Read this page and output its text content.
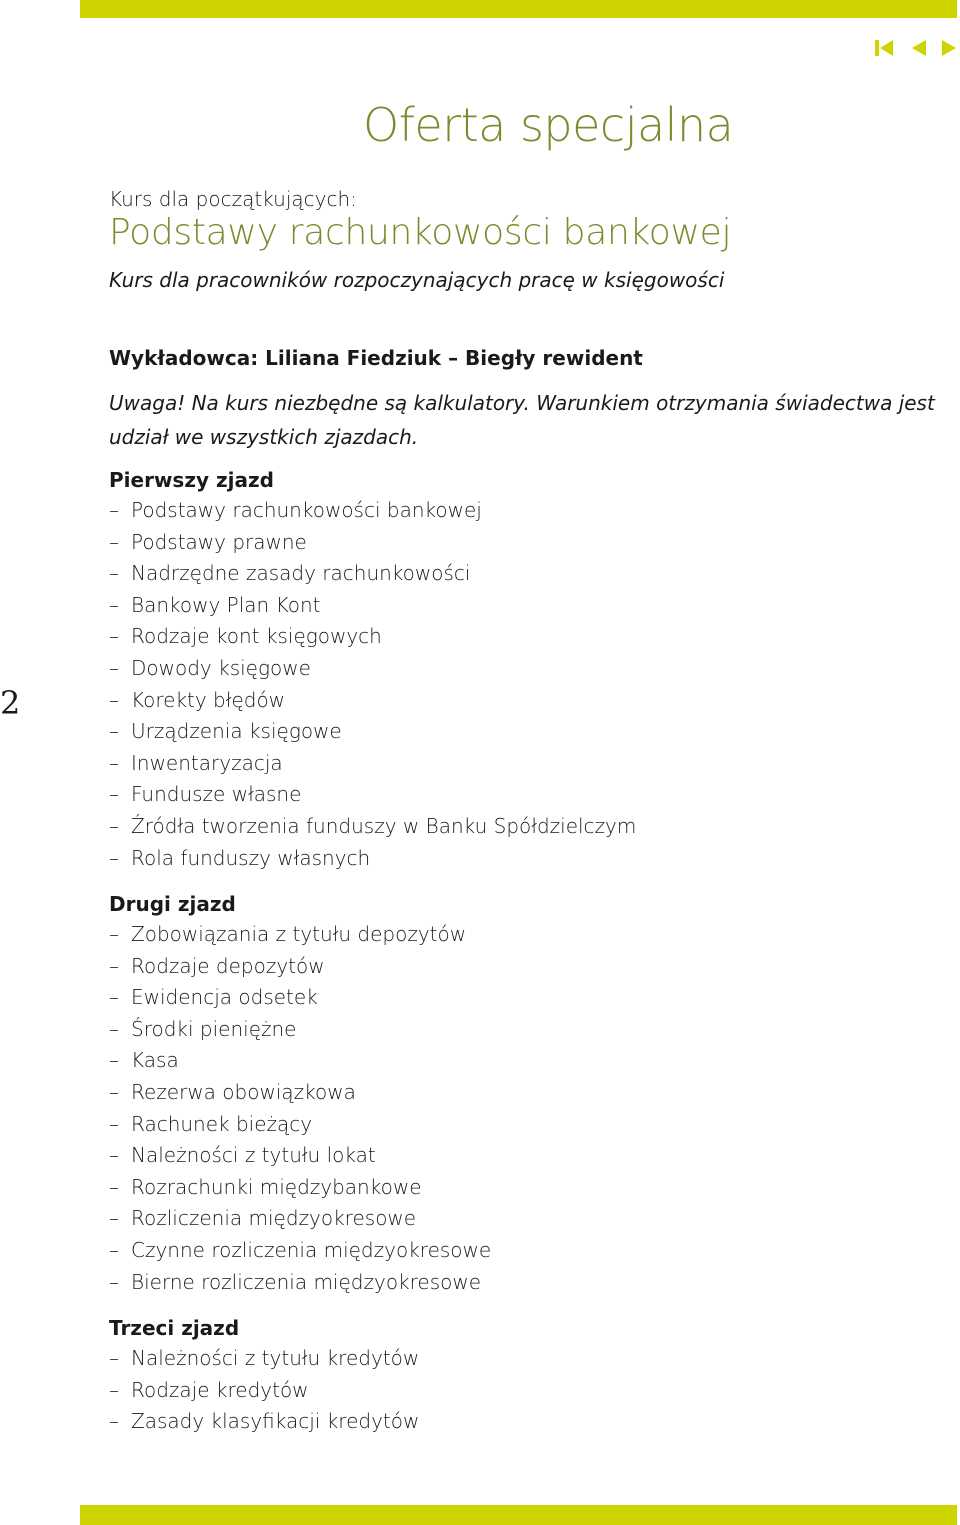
Oferta specjalna
Kurs dla początkujących:
Podstawy rachunkowości bankowej
Kurs dla pracowników rozpoczynających pracę w księgowości
Wykładowca: Liliana Fiedziuk – Biegły rewident
Uwaga! Na kurs niezbędne są kalkulatory. Warunkiem otrzymania świadectwa jest udział we wszystkich zjazdach.
2
Pierwszy zjazd
– Podstawy rachunkowości bankowej
– Podstawy prawne
– Nadrzędne zasady rachunkowości
– Bankowy Plan Kont
– Rodzaje kont księgowych
– Dowody księgowe
– Korekty błędów
– Urządzenia księgowe
– Inwentaryzacja
– Fundusze własne
– Źródła tworzenia funduszy w Banku Spółdzielczym
– Rola funduszy własnych
Drugi zjazd
– Zobowiązania z tytułu depozytów
– Rodzaje depozytów
– Ewidencja odsetek
– Środki pieniężne
– Kasa
– Rezerwa obowiązkowa
– Rachunek bieżący
– Należności z tytułu lokat
– Rozrachunki międzybankowe
– Rozliczenia międzyokresowe
– Czynne rozliczenia międzyokresowe
– Bierne rozliczenia międzyokresowe
Trzeci zjazd
– Należności z tytułu kredytów
– Rodzaje kredytów
– Zasady klasyfikacji kredytów
